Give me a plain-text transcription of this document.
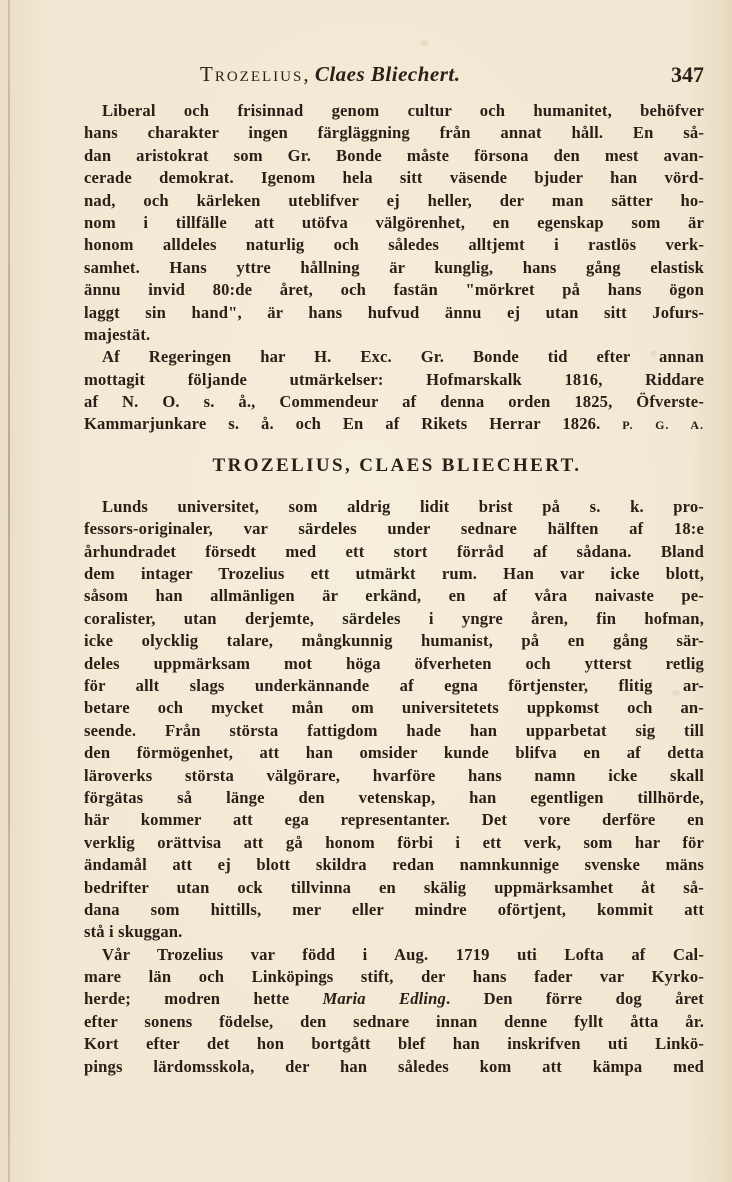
Trozelius, Claes Bliechert.	347
Liberal och frisinnad genom cultur och humanitet, behöfver
hans charakter ingen färgläggning från annat håll. En så-
dan aristokrat som Gr. Bonde måste försona den mest avan-
cerade demokrat. Igenom hela sitt väsende bjuder han vörd-
nad, och kärleken uteblifver ej heller, der man sätter ho-
nom i tillfälle att utöfva välgörenhet, en egenskap som är
honom alldeles naturlig och således alltjemt i rastlös verk-
samhet. Hans yttre hållning är kunglig, hans gång elastisk
ännu invid 80:de året, och fastän "mörkret på hans ögon
laggt sin hand", är hans hufvud ännu ej utan sitt Jofurs-
majestät.
Af Regeringen har H. Exc. Gr. Bonde tid efter annan
mottagit följande utmärkelser: Hofmarskalk 1816, Riddare
af N. O. s. å., Commendeur af denna orden 1825, Öfverste-
Kammarjunkare s. å. och En af Rikets Herrar 1826. P. G. A.
TROZELIUS, CLAES BLIECHERT.
Lunds universitet, som aldrig lidit brist på s. k. pro-
fessors-originaler, var särdeles under sednare hälften af 18:e
århundradet försedt med ett stort förråd af sådana. Bland
dem intager Trozelius ett utmärkt rum. Han var icke blott,
såsom han allmänligen är erkänd, en af våra naivaste pe-
coralister, utan derjemte, särdeles i yngre åren, fin hofman,
icke olycklig talare, mångkunnig humanist, på en gång sär-
deles uppmärksam mot höga öfverheten och ytterst retlig
för allt slags underkännande af egna förtjenster, flitig ar-
betare och mycket mån om universitetets uppkomst och an-
seende. Från största fattigdom hade han upparbetat sig till
den förmögenhet, att han omsider kunde blifva en af detta
läroverks största välgörare, hvarföre hans namn icke skall
förgätas så länge den vetenskap, han egentligen tillhörde,
här kommer att ega representanter. Det vore derföre en
verklig orättvisa att gå honom förbi i ett verk, som har för
ändamål att ej blott skildra redan namnkunnige svenske mäns
bedrifter utan ock tillvinna en skälig uppmärksamhet åt så-
dana som hittills, mer eller mindre oförtjent, kommit att
stå i skuggan.
Vår Trozelius var född i Aug. 1719 uti Lofta af Cal-
mare län och Linköpings stift, der hans fader var Kyrko-
herde; modren hette Maria Edling. Den förre dog året
efter sonens födelse, den sednare innan denne fyllt åtta år.
Kort efter det hon bortgått blef han inskrifven uti Linkö-
pings lärdomsskola, der han således kom att kämpa med
